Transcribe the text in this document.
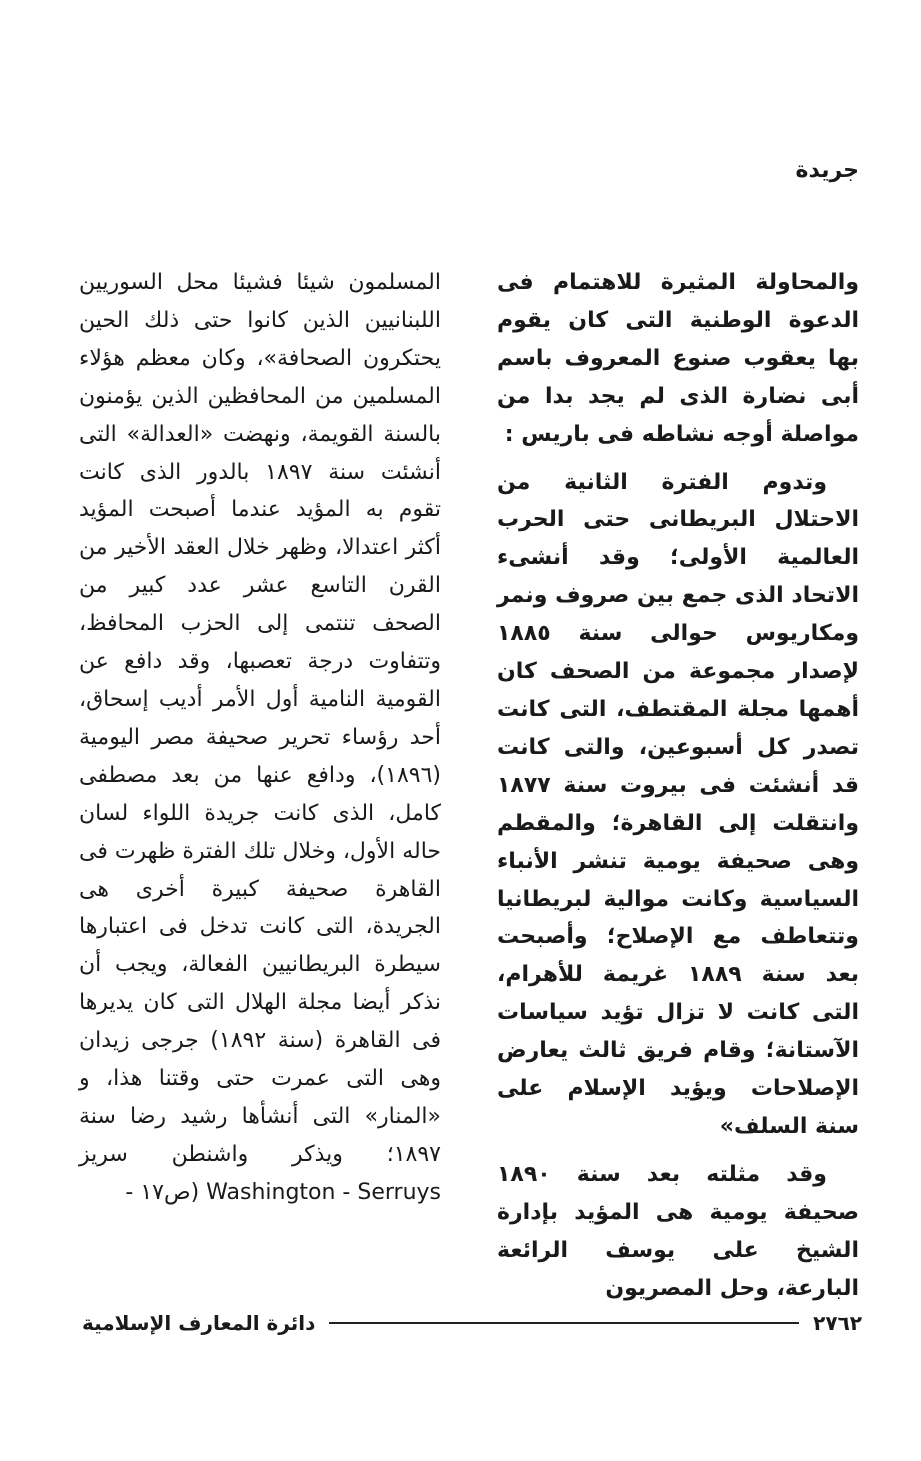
جريدة

والمحاولة المثيرة للاهتمام فى الدعوة الوطنية التى كان يقوم بها يعقوب صنوع المعروف باسم أبى نضارة الذى لم يجد بدا من مواصلة أوجه نشاطه فى باريس :

وتدوم الفترة الثانية من الاحتلال البريطانى حتى الحرب العالمية الأولى؛ وقد أنشىء الاتحاد الذى جمع بين صروف ونمر ومكاريوس حوالى سنة ١٨٨٥ لإصدار مجموعة من الصحف كان أهمها مجلة المقتطف، التى كانت تصدر كل أسبوعين، والتى كانت قد أنشئت فى بيروت سنة ١٨٧٧ وانتقلت إلى القاهرة؛ والمقطم وهى صحيفة يومية تنشر الأنباء السياسية وكانت موالية لبريطانيا وتتعاطف مع الإصلاح؛ وأصبحت بعد سنة ١٨٨٩ غريمة للأهرام، التى كانت لا تزال تؤيد سياسات الآستانة؛ وقام فريق ثالث يعارض الإصلاحات ويؤيد الإسلام على سنة السلف»

وقد مثلته بعد سنة ١٨٩٠ صحيفة يومية هى المؤيد بإدارة الشيخ على يوسف الرائعة البارعة، وحل المصريون

المسلمون شيئا فشيئا محل السوريين اللبنانيين الذين كانوا حتى ذلك الحين يحتكرون الصحافة»، وكان معظم هؤلاء المسلمين من المحافظين الذين يؤمنون بالسنة القويمة، ونهضت «العدالة» التى أنشئت سنة ١٨٩٧ بالدور الذى كانت تقوم به المؤيد عندما أصبحت المؤيد أكثر اعتدالا، وظهر خلال العقد الأخير من القرن التاسع عشر عدد كبير من الصحف تنتمى إلى الحزب المحافظ، وتتفاوت درجة تعصبها، وقد دافع عن القومية النامية أول الأمر أديب إسحاق، أحد رؤساء تحرير صحيفة مصر اليومية (١٨٩٦)، ودافع عنها من بعد مصطفى كامل، الذى كانت جريدة اللواء لسان حاله الأول، وخلال تلك الفترة ظهرت فى القاهرة صحيفة كبيرة أخرى هى الجريدة، التى كانت تدخل فى اعتبارها سيطرة البريطانيين الفعالة، ويجب أن نذكر أيضا مجلة الهلال التى كان يديرها فى القاهرة (سنة ١٨٩٢) جرجى زيدان وهى التى عمرت حتى وقتنا هذا، و «المنار» التى أنشأها رشيد رضا سنة ١٨٩٧؛ ويذكر واشنطن سريز Washington - Serruys (ص١٧ -

دائرة المعارف الإسلامية	٢٧٦٢
